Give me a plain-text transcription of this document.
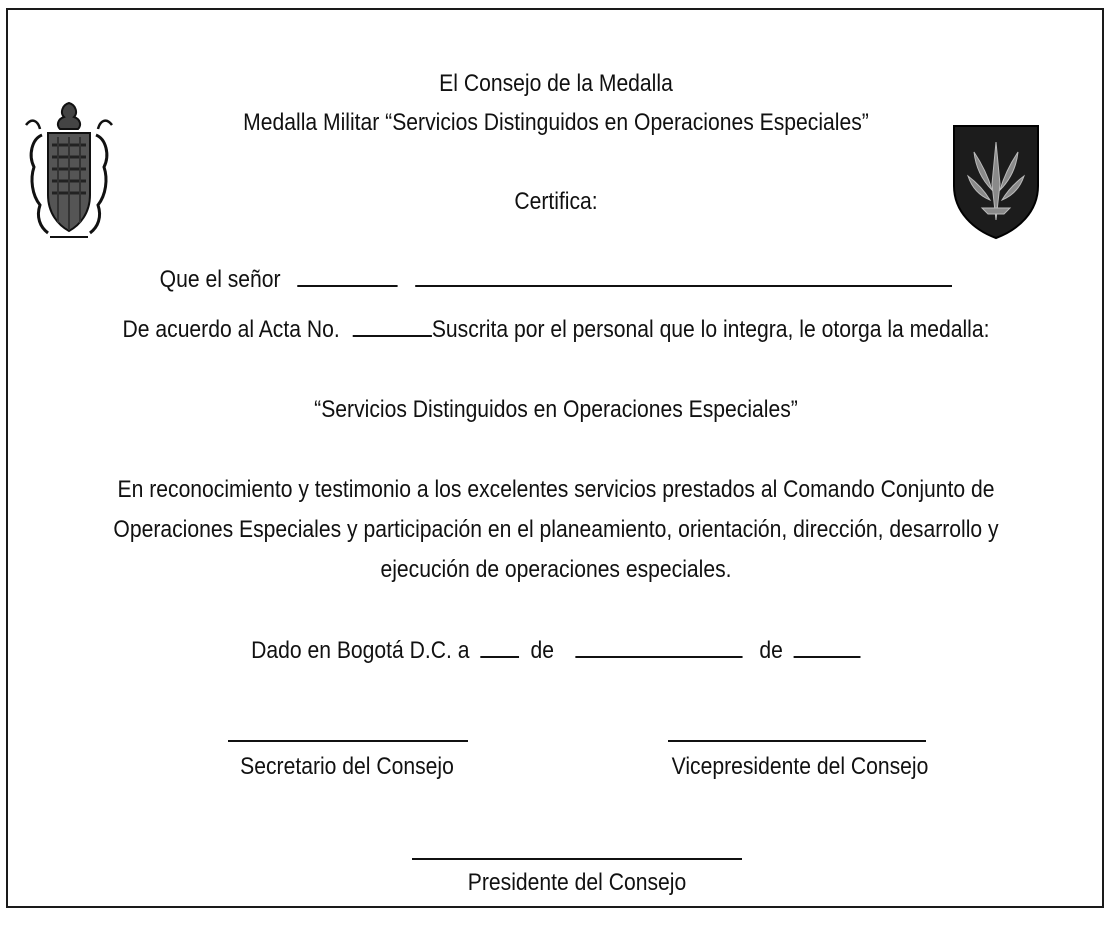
El Consejo de la Medalla
Medalla Militar “Servicios Distinguidos en Operaciones Especiales”
Certifica:
Que el señor
De acuerdo al Acta No.	Suscrita por el personal que lo integra, le otorga la medalla:
“Servicios Distinguidos en Operaciones Especiales”
En reconocimiento y testimonio a los excelentes servicios prestados al Comando Conjunto de
Operaciones Especiales y participación en el planeamiento, orientación, dirección, desarrollo y
ejecución de operaciones especiales.
Dado en Bogotá D.C. a	de	de
Secretario del Consejo	Vicepresidente del Consejo
Presidente del Consejo
